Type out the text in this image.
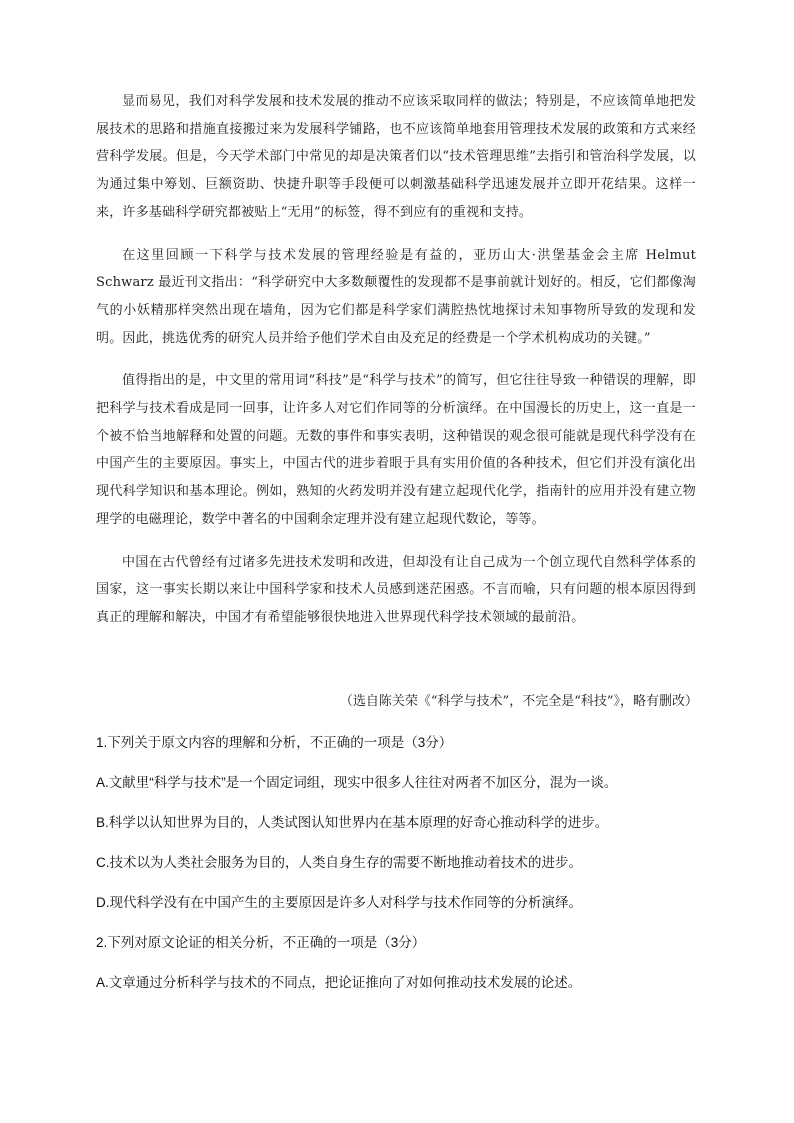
显而易见，我们对科学发展和技术发展的推动不应该采取同样的做法；特别是，不应该简单地把发展技术的思路和措施直接搬过来为发展科学铺路，也不应该简单地套用管理技术发展的政策和方式来经营科学发展。但是，今天学术部门中常见的却是决策者们以“技术管理思维”去指引和管治科学发展，以为通过集中筹划、巨额资助、快捷升职等手段便可以刺激基础科学迅速发展并立即开花结果。这样一来，许多基础科学研究都被贴上“无用”的标签，得不到应有的重视和支持。

在这里回顾一下科学与技术发展的管理经验是有益的，亚历山大·洪堡基金会主席 Helmut Schwarz 最近刊文指出：“科学研究中大多数颠覆性的发现都不是事前就计划好的。相反，它们都像淘气的小妖精那样突然出现在墙角，因为它们都是科学家们满腔热忱地探讨未知事物所导致的发现和发明。因此，挑选优秀的研究人员并给予他们学术自由及充足的经费是一个学术机构成功的关键。”

值得指出的是，中文里的常用词“科技”是“科学与技术”的简写，但它往往导致一种错误的理解，即把科学与技术看成是同一回事，让许多人对它们作同等的分析演绎。在中国漫长的历史上，这一直是一个被不恰当地解释和处置的问题。无数的事件和事实表明，这种错误的观念很可能就是现代科学没有在中国产生的主要原因。事实上，中国古代的进步着眼于具有实用价值的各种技术，但它们并没有演化出现代科学知识和基本理论。例如，熟知的火药发明并没有建立起现代化学，指南针的应用并没有建立物理学的电磁理论，数学中著名的中国剩余定理并没有建立起现代数论，等等。

中国在古代曾经有过诸多先进技术发明和改进，但却没有让自己成为一个创立现代自然科学体系的国家，这一事实长期以来让中国科学家和技术人员感到迷茫困惑。不言而喻，只有问题的根本原因得到真正的理解和解决，中国才有希望能够很快地进入世界现代科学技术领域的最前沿。

（选自陈关荣《“科学与技术”，不完全是“科技”》，略有删改）
1.下列关于原文内容的理解和分析，不正确的一项是（3分）
A.文献里“科学与技术”是一个固定词组，现实中很多人往往对两者不加区分，混为一谈。
B.科学以认知世界为目的，人类试图认知世界内在基本原理的好奇心推动科学的进步。
C.技术以为人类社会服务为目的，人类自身生存的需要不断地推动着技术的进步。
D.现代科学没有在中国产生的主要原因是许多人对科学与技术作同等的分析演绎。
2.下列对原文论证的相关分析，不正确的一项是（3分）
A.文章通过分析科学与技术的不同点，把论证推向了对如何推动技术发展的论述。
